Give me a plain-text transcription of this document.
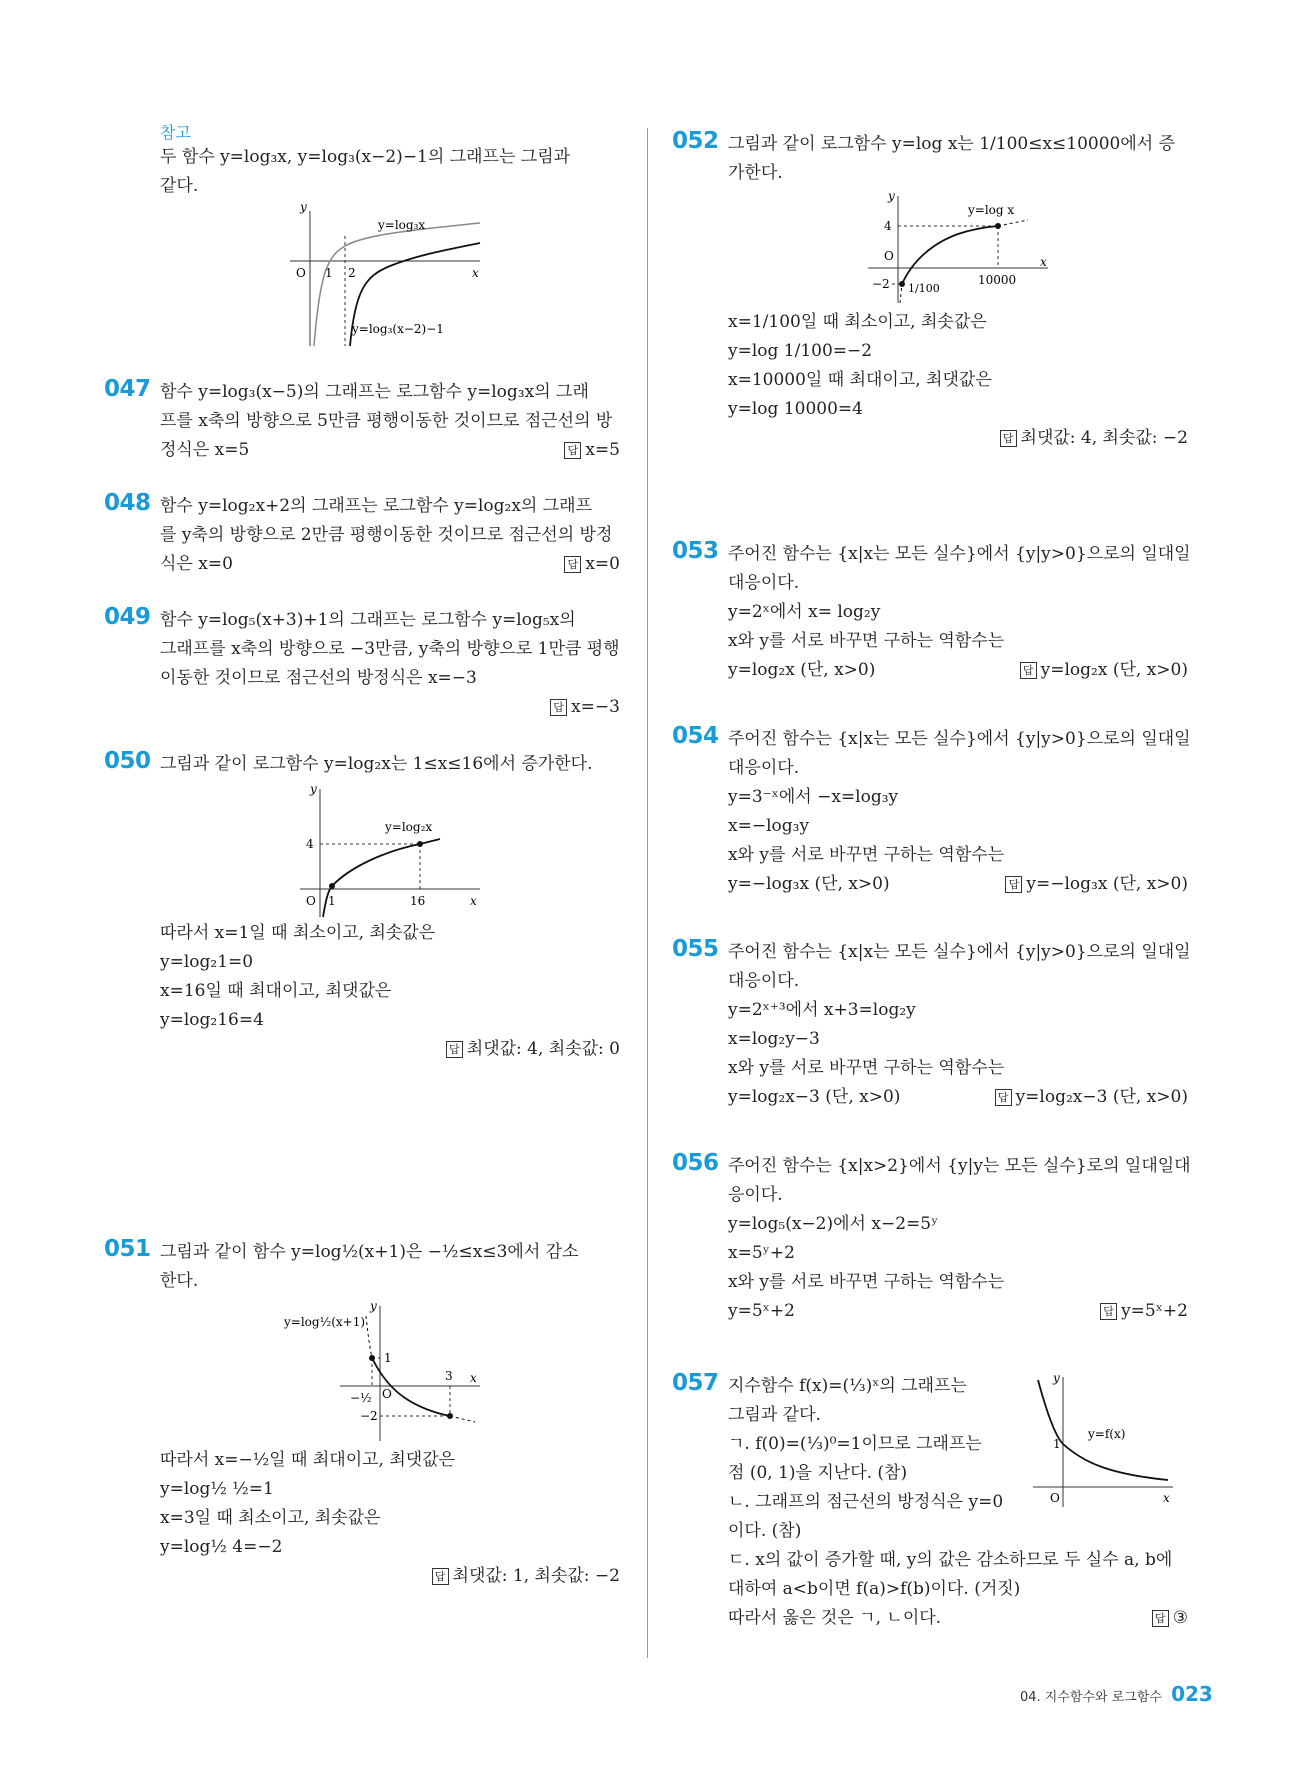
참고
두 함수 y=log₃x, y=log₃(x−2)−1의 그래프는 그림과
같다.
y
x
O 1 2
y=log₃x
y=log₃(x−2)−1
047 함수 y=log₃(x−5)의 그래프는 로그함수 y=log₃x의 그래
프를 x축의 방향으로 5만큼 평행이동한 것이므로 점근선의 방
정식은 x=5	답 x=5
048 함수 y=log₂x+2의 그래프는 로그함수 y=log₂x의 그래프
를 y축의 방향으로 2만큼 평행이동한 것이므로 점근선의 방정
식은 x=0	답 x=0
049 함수 y=log₅(x+3)+1의 그래프는 로그함수 y=log₅x의
그래프를 x축의 방향으로 −3만큼, y축의 방향으로 1만큼 평행
이동한 것이므로 점근선의 방정식은 x=−3
답 x=−3
050 그림과 같이 로그함수 y=log₂x는 1≤x≤16에서 증가한다.
y
x
O 1	16
4
y=log₂x
따라서 x=1일 때 최소이고, 최솟값은
y=log₂1=0
x=16일 때 최대이고, 최댓값은
y=log₂16=4
답 최댓값: 4, 최솟값: 0
051 그림과 같이 함수 y=log½(x+1)은 −½≤x≤3에서 감소
한다.
y
x
O
1
3
−2
−½
y=log½(x+1)
따라서 x=−½일 때 최대이고, 최댓값은
y=log½ ½=1
x=3일 때 최소이고, 최솟값은
y=log½ 4=−2
답 최댓값: 1, 최솟값: −2
052 그림과 같이 로그함수 y=log x는 1/100≤x≤10000에서 증
가한다.
y
x
O
4
−2 1/100
10000
y=log x
x=1/100일 때 최소이고, 최솟값은
y=log 1/100=−2
x=10000일 때 최대이고, 최댓값은
y=log 10000=4
답 최댓값: 4, 최솟값: −2
053 주어진 함수는 {x|x는 모든 실수}에서 {y|y>0}으로의 일대일
대응이다.
y=2ˣ에서 x= log₂y
x와 y를 서로 바꾸면 구하는 역함수는
y=log₂x (단, x>0)	답 y=log₂x (단, x>0)
054 주어진 함수는 {x|x는 모든 실수}에서 {y|y>0}으로의 일대일
대응이다.
y=3⁻ˣ에서 −x=log₃y
x=−log₃y
x와 y를 서로 바꾸면 구하는 역함수는
y=−log₃x (단, x>0)	답 y=−log₃x (단, x>0)
055 주어진 함수는 {x|x는 모든 실수}에서 {y|y>0}으로의 일대일
대응이다.
y=2ˣ⁺³에서 x+3=log₂y
x=log₂y−3
x와 y를 서로 바꾸면 구하는 역함수는
y=log₂x−3 (단, x>0)	답 y=log₂x−3 (단, x>0)
056 주어진 함수는 {x|x>2}에서 {y|y는 모든 실수}로의 일대일대
응이다.
y=log₅(x−2)에서 x−2=5ʸ
x=5ʸ+2
x와 y를 서로 바꾸면 구하는 역함수는
y=5ˣ+2	답 y=5ˣ+2
057	y
x
O
1
y=f(x)
지수함수 f(x)=(⅓)ˣ의 그래프는
그림과 같다.
ㄱ. f(0)=(⅓)⁰=1이므로 그래프는
점 (0, 1)을 지난다. (참)
ㄴ. 그래프의 점근선의 방정식은 y=0
이다. (참)
ㄷ. x의 값이 증가할 때, y의 값은 감소하므로 두 실수 a, b에
대하여 a<b이면 f(a)>f(b)이다. (거짓)
따라서 옳은 것은 ㄱ, ㄴ이다.	답 ③
04. 지수함수와 로그함수 023
